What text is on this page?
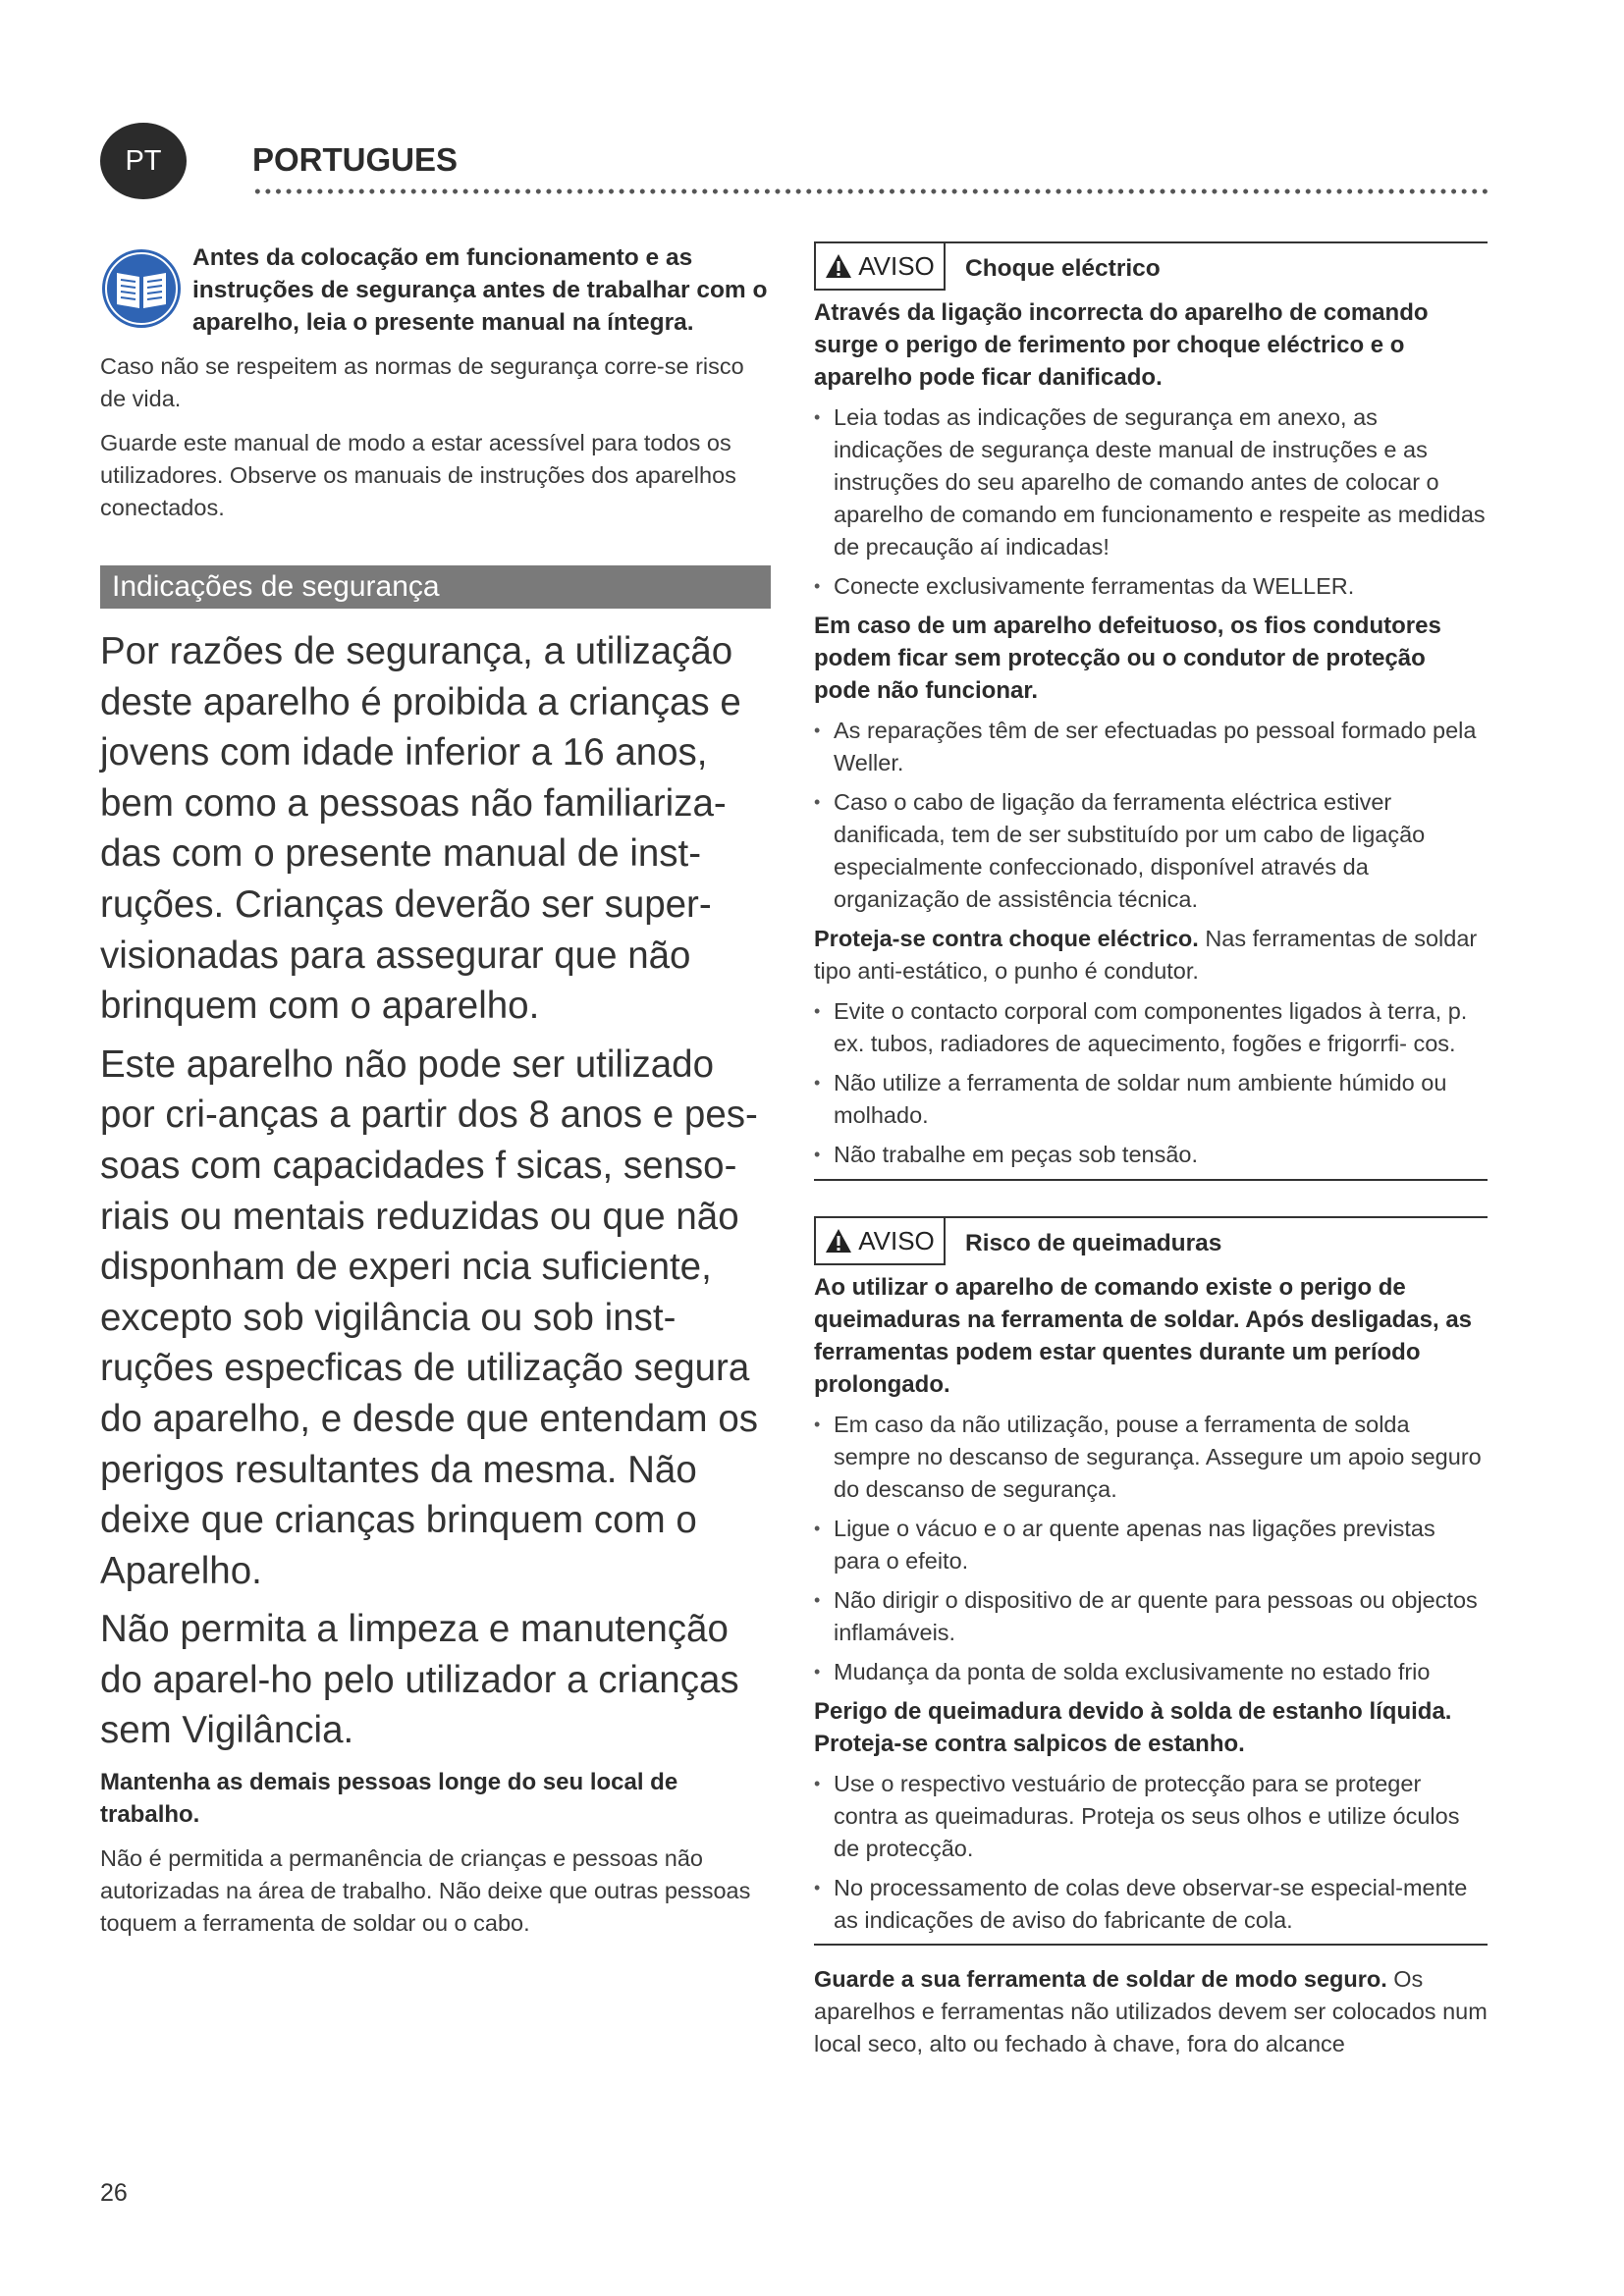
PT	PORTUGUES

Antes da colocação em funcionamento e as instruções de segurança antes de trabalhar com o aparelho, leia o presente manual na íntegra.

Caso não se respeitem as normas de segurança corre-se risco de vida.

Guarde este manual de modo a estar acessível para todos os utilizadores. Observe os manuais de instruções dos aparelhos conectados.

Indicações de segurança

Por razões de segurança, a utilização deste aparelho é proibida a crianças e jovens com idade inferior a 16 anos, bem como a pessoas não familiariza-das com o presente manual de inst-ruções. Crianças deverão ser super-visionadas para assegurar que não brinquem com o aparelho.

Este aparelho não pode ser utilizado por cri-anças a partir dos 8 anos e pes-soas com capacidades f sicas, senso-riais ou mentais reduzidas ou que não disponham de experi ncia suficiente, excepto sob vigilância ou sob inst-ruções especficas de utilização segura do aparelho, e desde que entendam os perigos resultantes da mesma. Não deixe que crianças brinquem com o Aparelho.

Não permita a limpeza e manutenção do aparel-ho pelo utilizador a crianças sem Vigilância.

Mantenha as demais pessoas longe do seu local de trabalho.

Não é permitida a permanência de crianças e pessoas não autorizadas na área de trabalho. Não deixe que outras pessoas toquem a ferramenta de soldar ou o cabo.

AVISO Choque eléctrico

Através da ligação incorrecta do aparelho de comando surge o perigo de ferimento por choque eléctrico e o aparelho pode ficar danificado.

• Leia todas as indicações de segurança em anexo, as indicações de segurança deste manual de instruções e as instruções do seu aparelho de comando antes de colocar o aparelho de comando em funcionamento e respeite as medidas de precaução aí indicadas!
• Conecte exclusivamente ferramentas da WELLER.

Em caso de um aparelho defeituoso, os fios condutores podem ficar sem protecção ou o condutor de proteção pode não funcionar.

• As reparações têm de ser efectuadas po pessoal formado pela Weller.
• Caso o cabo de ligação da ferramenta eléctrica estiver danificada, tem de ser substituído por um cabo de ligação especialmente confeccionado, disponível através da organização de assistência técnica.

Proteja-se contra choque eléctrico. Nas ferramentas de soldar tipo anti-estático, o punho é condutor.

• Evite o contacto corporal com componentes ligados à terra, p. ex. tubos, radiadores de aquecimento, fogões e frigorrfi- cos.
• Não utilize a ferramenta de soldar num ambiente húmido ou molhado.
• Não trabalhe em peças sob tensão.
AVISO Risco de queimaduras

Ao utilizar o aparelho de comando existe o perigo de queimaduras na ferramenta de soldar. Após desligadas, as ferramentas podem estar quentes durante um período prolongado.

• Em caso da não utilização, pouse a ferramenta de solda sempre no descanso de segurança. Assegure um apoio seguro do descanso de segurança.
• Ligue o vácuo e o ar quente apenas nas ligações previstas para o efeito.
• Não dirigir o dispositivo de ar quente para pessoas ou objectos inflamáveis.
• Mudança da ponta de solda exclusivamente no estado frio

Perigo de queimadura devido à solda de estanho líquida. Proteja-se contra salpicos de estanho.

• Use o respectivo vestuário de protecção para se proteger contra as queimaduras. Proteja os seus olhos e utilize óculos de protecção.
• No processamento de colas deve observar-se especial-mente as indicações de aviso do fabricante de cola.

Guarde a sua ferramenta de soldar de modo seguro. Os aparelhos e ferramentas não utilizados devem ser colocados num local seco, alto ou fechado à chave, fora do alcance

26
